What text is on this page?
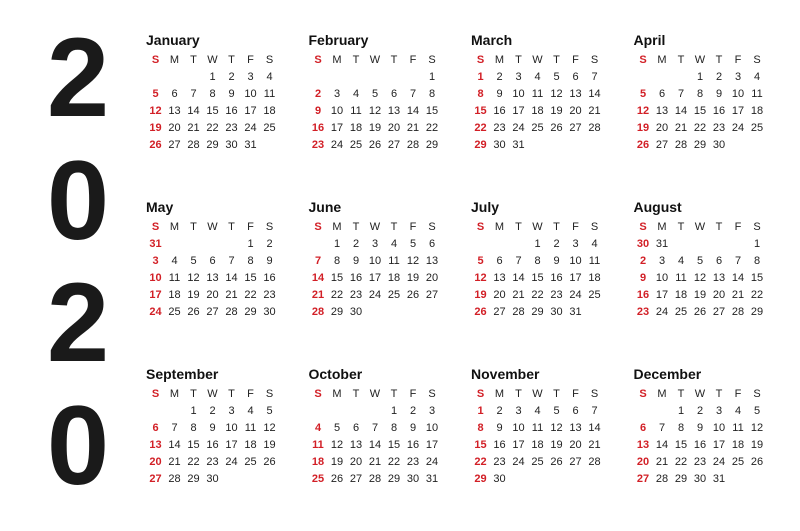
2
0
2
0
January
S	M	T	W	T	F	S
			1	2	3	4
5	6	7	8	9	10	11
12	13	14	15	16	17	18
19	20	21	22	23	24	25
26	27	28	29	30	31	
February
S	M	T	W	T	F	S
						1
2	3	4	5	6	7	8
9	10	11	12	13	14	15
16	17	18	19	20	21	22
23	24	25	26	27	28	29
March
S	M	T	W	T	F	S
1	2	3	4	5	6	7
8	9	10	11	12	13	14
15	16	17	18	19	20	21
22	23	24	25	26	27	28
29	30	31				
April
S	M	T	W	T	F	S
			1	2	3	4
5	6	7	8	9	10	11
12	13	14	15	16	17	18
19	20	21	22	23	24	25
26	27	28	29	30		
May
S	M	T	W	T	F	S
31					1	2
3	4	5	6	7	8	9
10	11	12	13	14	15	16
17	18	19	20	21	22	23
24	25	26	27	28	29	30
June
S	M	T	W	T	F	S
	1	2	3	4	5	6
7	8	9	10	11	12	13
14	15	16	17	18	19	20
21	22	23	24	25	26	27
28	29	30				
July
S	M	T	W	T	F	S
			1	2	3	4
5	6	7	8	9	10	11
12	13	14	15	16	17	18
19	20	21	22	23	24	25
26	27	28	29	30	31	
August
S	M	T	W	T	F	S
30	31					1
2	3	4	5	6	7	8
9	10	11	12	13	14	15
16	17	18	19	20	21	22
23	24	25	26	27	28	29
September
S	M	T	W	T	F	S
		1	2	3	4	5
6	7	8	9	10	11	12
13	14	15	16	17	18	19
20	21	22	23	24	25	26
27	28	29	30			
October
S	M	T	W	T	F	S
				1	2	3
4	5	6	7	8	9	10
11	12	13	14	15	16	17
18	19	20	21	22	23	24
25	26	27	28	29	30	31
November
S	M	T	W	T	F	S
1	2	3	4	5	6	7
8	9	10	11	12	13	14
15	16	17	18	19	20	21
22	23	24	25	26	27	28
29	30					
December
S	M	T	W	T	F	S
		1	2	3	4	5
6	7	8	9	10	11	12
13	14	15	16	17	18	19
20	21	22	23	24	25	26
27	28	29	30	31		
